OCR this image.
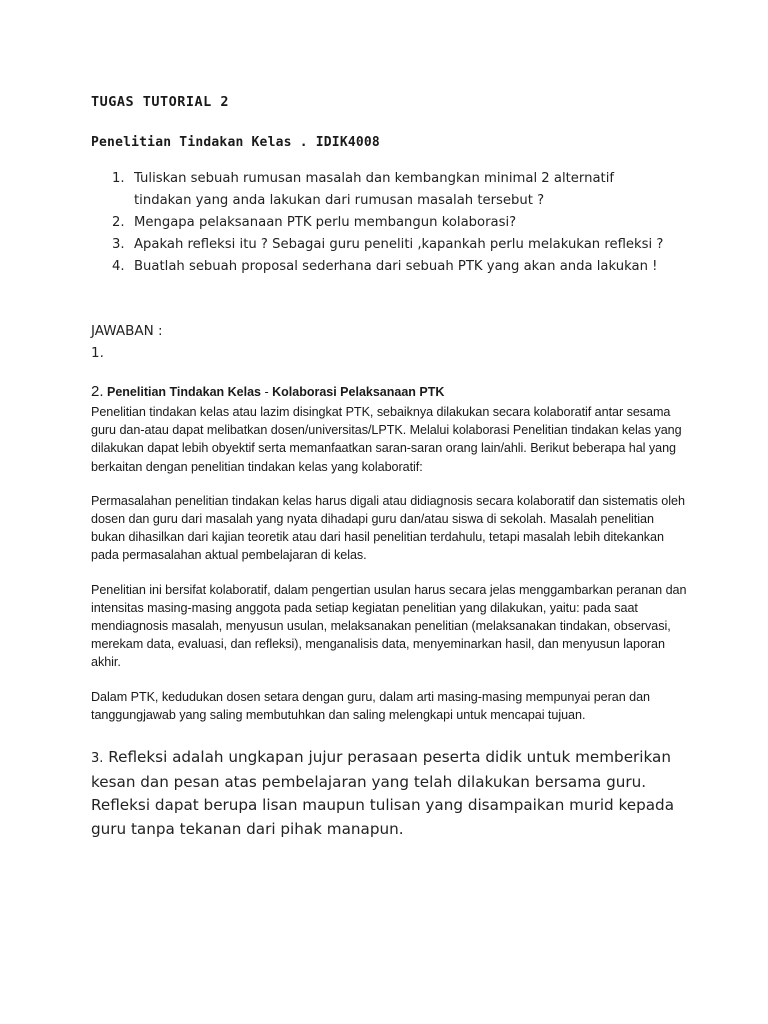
TUGAS TUTORIAL 2
Penelitian Tindakan Kelas . IDIK4008
1. Tuliskan sebuah rumusan masalah dan kembangkan minimal 2 alternatif tindakan yang anda lakukan dari rumusan masalah tersebut ?
2. Mengapa pelaksanaan PTK perlu membangun kolaborasi?
3. Apakah refleksi itu ? Sebagai guru peneliti ,kapankah perlu melakukan refleksi ?
4. Buatlah sebuah proposal sederhana dari sebuah PTK yang akan anda lakukan !
JAWABAN :
1.

2. Penelitian Tindakan Kelas - Kolaborasi Pelaksanaan PTK

Penelitian tindakan kelas atau lazim disingkat PTK, sebaiknya dilakukan secara kolaboratif antar sesama guru dan-atau dapat melibatkan dosen/universitas/LPTK. Melalui kolaborasi Penelitian tindakan kelas yang dilakukan dapat lebih obyektif serta memanfaatkan saran-saran orang lain/ahli. Berikut beberapa hal yang berkaitan dengan penelitian tindakan kelas yang kolaboratif:

Permasalahan penelitian tindakan kelas harus digali atau didiagnosis secara kolaboratif dan sistematis oleh dosen dan guru dari masalah yang nyata dihadapi guru dan/atau siswa di sekolah. Masalah penelitian bukan dihasilkan dari kajian teoretik atau dari hasil penelitian terdahulu, tetapi masalah lebih ditekankan pada permasalahan aktual pembelajaran di kelas.

Penelitian ini bersifat kolaboratif, dalam pengertian usulan harus secara jelas menggambarkan peranan dan intensitas masing-masing anggota pada setiap kegiatan penelitian yang dilakukan, yaitu: pada saat mendiagnosis masalah, menyusun usulan, melaksanakan penelitian (melaksanakan tindakan, observasi, merekam data, evaluasi, dan refleksi), menganalisis data, menyeminarkan hasil, dan menyusun laporan akhir.

Dalam PTK, kedudukan dosen setara dengan guru, dalam arti masing-masing mempunyai peran dan tanggungjawab yang saling membutuhkan dan saling melengkapi untuk mencapai tujuan.

3. Refleksi adalah ungkapan jujur perasaan peserta didik untuk memberikan kesan dan pesan atas pembelajaran yang telah dilakukan bersama guru. Refleksi dapat berupa lisan maupun tulisan yang disampaikan murid kepada guru tanpa tekanan dari pihak manapun.
